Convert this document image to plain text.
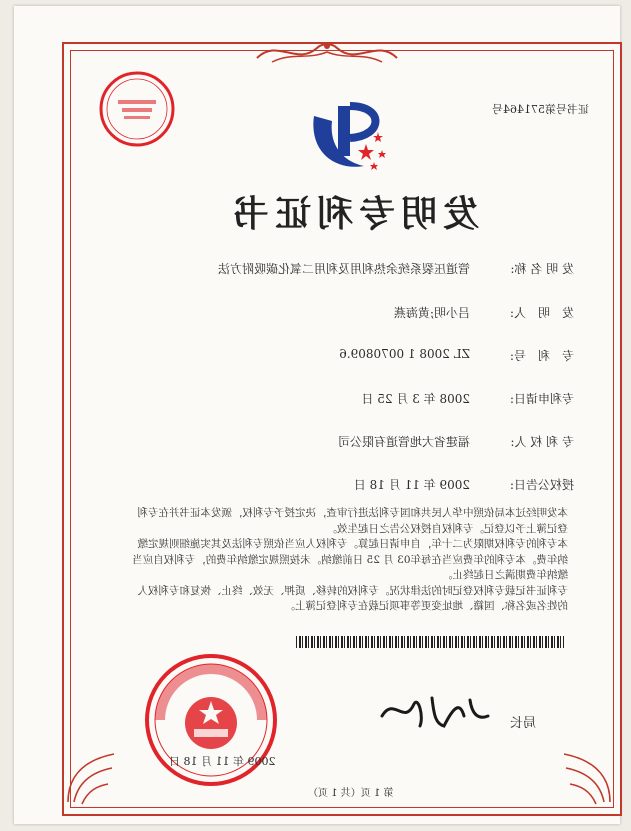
证书号第571464号
发明专利证书
发 明 名 称:
管道压裂系统余热利用及利用二氧化碳吸附方法
发　明　人:
吕小明;黄海燕
专　利　号:
ZL 2008 1 0070809.6
专利申请日:
2008 年 3 月 25 日
专 利 权 人:
福建省大地管道有限公司
授权公告日:
2009 年 11 月 18 日

本发明经过本局依照中华人民共和国专利法进行审查，决定授予专利权，颁发本证书并在专利登记簿上予以登记。专利权自授权公告之日起生效。

本专利的专利权期限为二十年，自申请日起算。专利权人应当依照专利法及其实施细则规定缴纳年费。本专利的年费应当在每年03 月 25 日前缴纳。未按照规定缴纳年费的，专利权自应当缴纳年费期满之日起终止。

专利证书记载专利权登记时的法律状况。专利权的转移、质押、无效、终止、恢复和专利权人的姓名或名称、国籍、地址变更等事项记载在专利登记簿上。

局长
2009 年 11 月 18 日
第 1 页（共 1 页）
